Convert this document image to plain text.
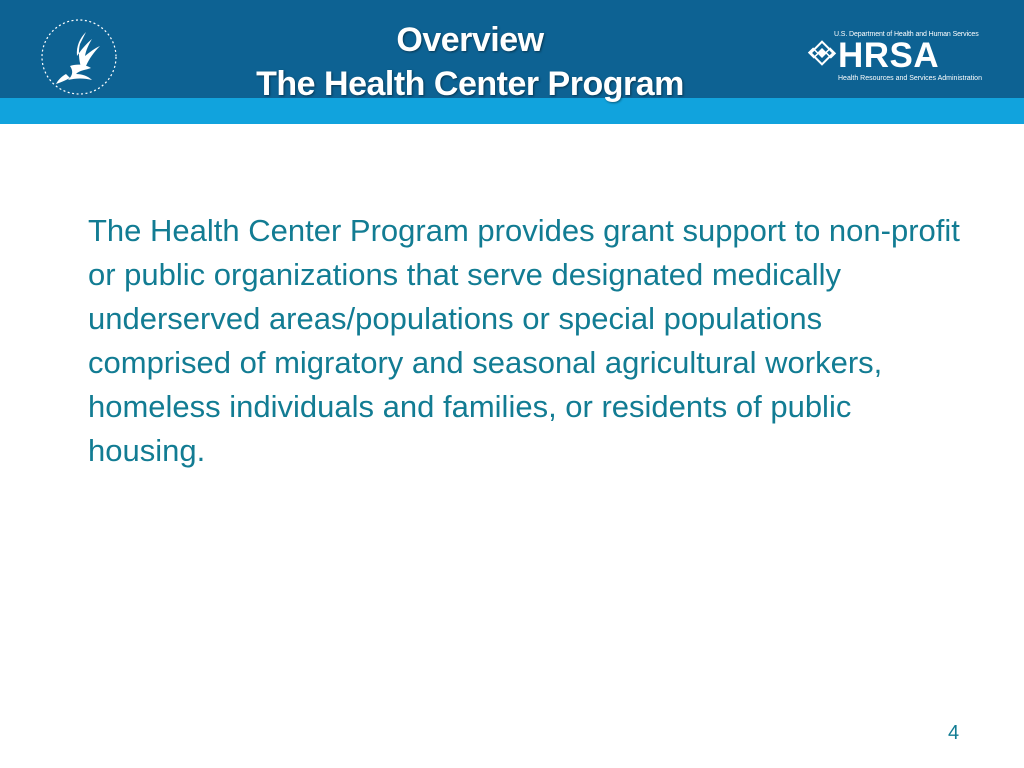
Overview
The Health Center Program
U.S. Department of Health and Human Services
HRSA
Health Resources and Services Administration

The Health Center Program provides grant support to non-profit or public organizations that serve designated medically underserved areas/populations or special populations comprised of migratory and seasonal agricultural workers, homeless individuals and families, or residents of public housing.

4
